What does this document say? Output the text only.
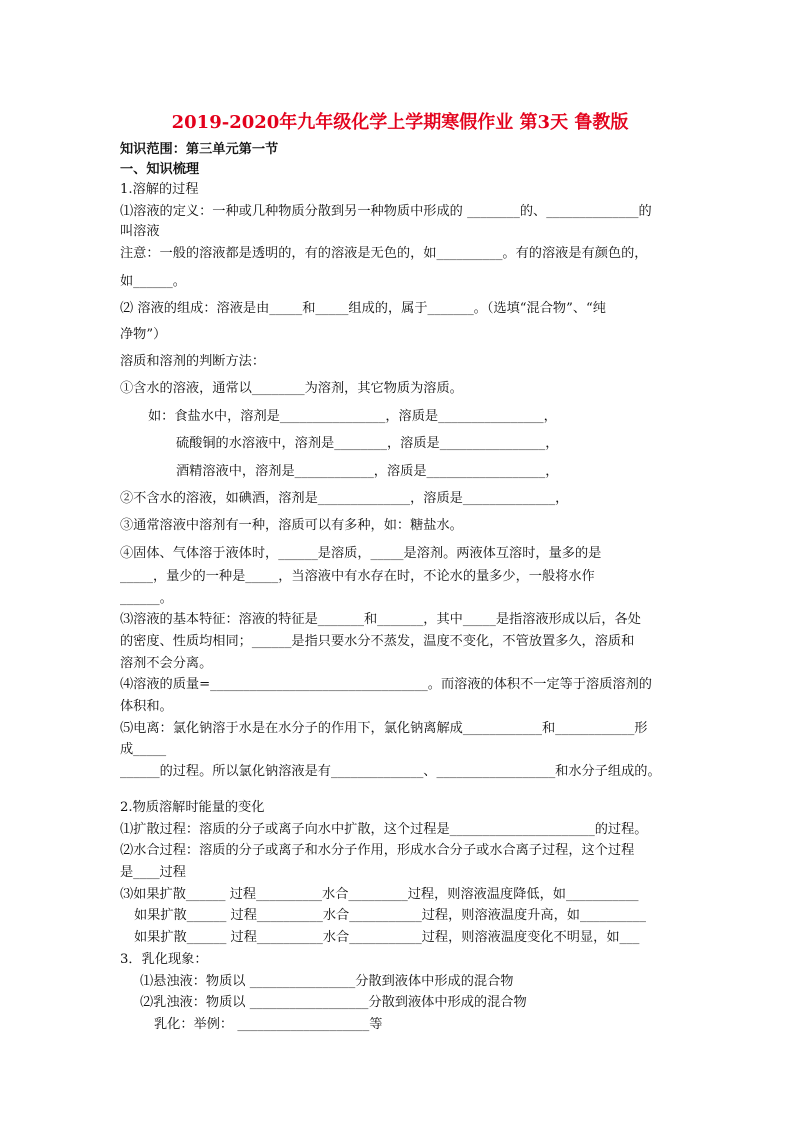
2019-2020年九年级化学上学期寒假作业 第3天 鲁教版
知识范围：第三单元第一节
一、知识梳理
1.溶解的过程
⑴溶液的定义：一种或几种物质分散到另一种物质中形成的 ________的、______________的
叫溶液
注意：一般的溶液都是透明的，有的溶液是无色的，如__________。有的溶液是有颜色的，
如______。
⑵ 溶液的组成：溶液是由_____和_____组成的，属于_______。（选填“混合物”、“纯
净物”）
溶质和溶剂的判断方法：
①含水的溶液，通常以________为溶剂，其它物质为溶质。
如：食盐水中，溶剂是________________，溶质是________________，
硫酸铜的水溶液中，溶剂是________，溶质是________________，
酒精溶液中，溶剂是____________，溶质是__________________，
②不含水的溶液，如碘酒，溶剂是______________，溶质是______________，
③通常溶液中溶剂有一种，溶质可以有多种，如：糖盐水。
④固体、气体溶于液体时，______是溶质，_____是溶剂。两液体互溶时，量多的是
_____，量少的一种是_____，当溶液中有水存在时，不论水的量多少，一般将水作
______。
⑶溶液的基本特征：溶液的特征是_______和_______，其中_____是指溶液形成以后，各处
的密度、性质均相同；______是指只要水分不蒸发，温度不变化，不管放置多久，溶质和
溶剂不会分离。
⑷溶液的质量=_________________________________。而溶液的体积不一定等于溶质溶剂的
体积和。
⑸电离：氯化钠溶于水是在水分子的作用下，氯化钠离解成____________和____________形
成_____
______的过程。所以氯化钠溶液是有______________、__________________和水分子组成的。
2.物质溶解时能量的变化
⑴扩散过程：溶质的分子或离子向水中扩散，这个过程是______________________的过程。
⑵水合过程：溶质的分子或离子和水分子作用，形成水合分子或水合离子过程，这个过程
是____过程
⑶如果扩散______ 过程__________水合_________过程，则溶液温度降低，如___________
如果扩散______ 过程__________水合___________过程，则溶液温度升高，如__________
如果扩散______ 过程__________水合___________过程，则溶液温度变化不明显，如___
3．乳化现象：
⑴悬浊液：物质以 ________________分散到液体中形成的混合物
⑵乳浊液：物质以 __________________分散到液体中形成的混合物
乳化：举例： ____________________等
